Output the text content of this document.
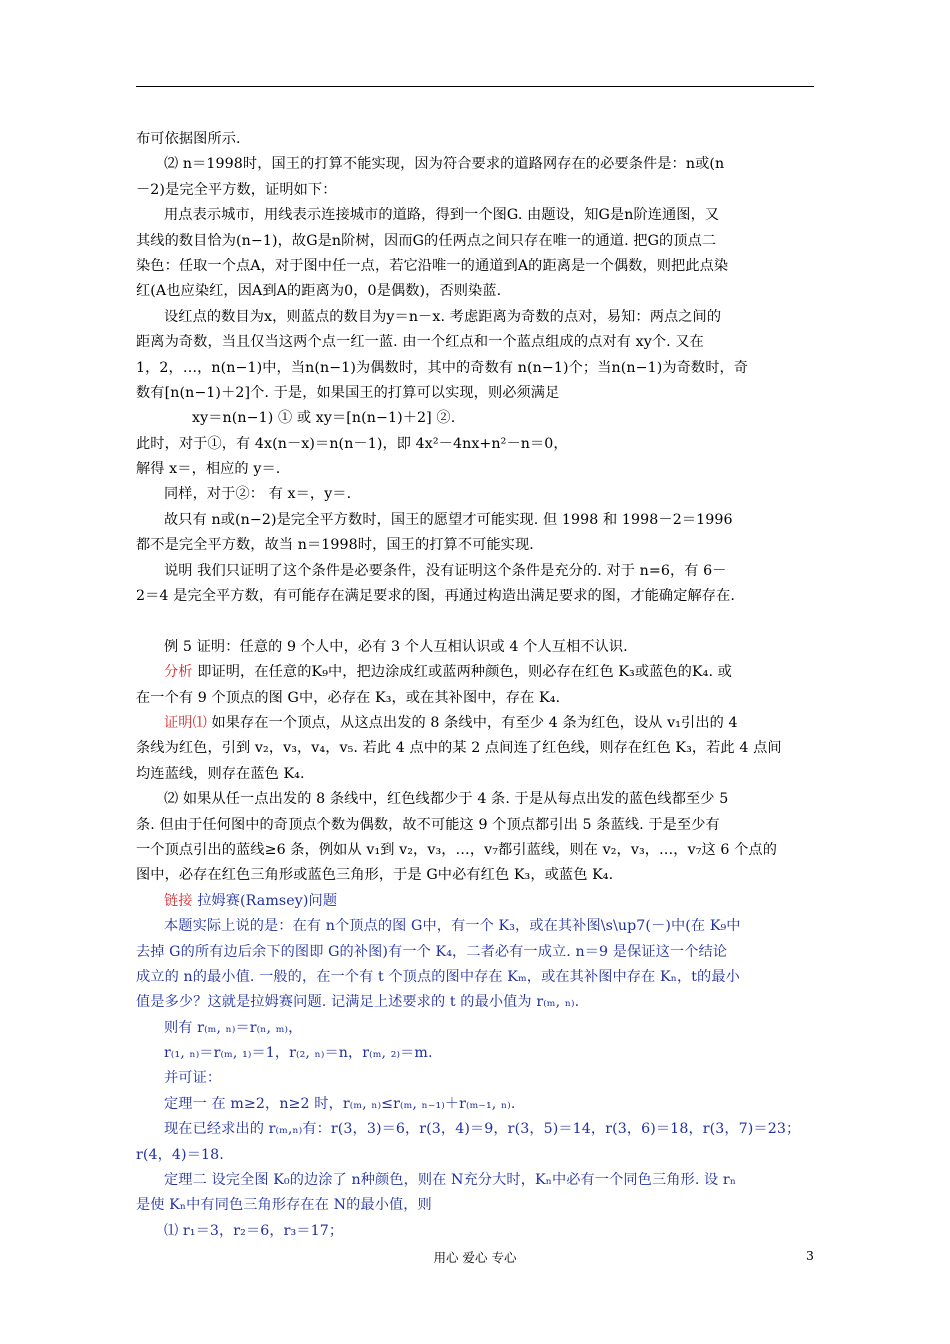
布可依据图所示.
⑵ n＝1998时，国王的打算不能实现，因为符合要求的道路网存在的必要条件是：n或(n
－2)是完全平方数，证明如下：
用点表示城市，用线表示连接城市的道路，得到一个图G. 由题设，知G是n阶连通图，又
其线的数目恰为(n−1)，故G是n阶树，因而G的任两点之间只存在唯一的通道. 把G的顶点二
染色：任取一个点A，对于图中任一点，若它沿唯一的通道到A的距离是一个偶数，则把此点染
红(A也应染红，因A到A的距离为0，0是偶数)，否则染蓝.
设红点的数目为x，则蓝点的数目为y＝n－x. 考虑距离为奇数的点对，易知：两点之间的
距离为奇数，当且仅当这两个点一红一蓝. 由一个红点和一个蓝点组成的点对有 xy个. 又在
1，2，…，n(n−1)中，当n(n−1)为偶数时，其中的奇数有 n(n−1)个；当n(n−1)为奇数时，奇
数有[n(n−1)＋2]个. 于是，如果国王的打算可以实现，则必须满足
xy＝n(n−1) ① 或 xy＝[n(n−1)＋2] ②.
此时，对于①，有 4x(n－x)＝n(n－1)，即 4x²－4nx+n²－n＝0，
解得 x＝，相应的 y＝.
同样，对于②： 有 x＝，y＝.
故只有 n或(n−2)是完全平方数时，国王的愿望才可能实现. 但 1998 和 1998－2＝1996
都不是完全平方数，故当 n＝1998时，国王的打算不可能实现.
说明 我们只证明了这个条件是必要条件，没有证明这个条件是充分的. 对于 n=6，有 6－
2＝4 是完全平方数，有可能存在满足要求的图，再通过构造出满足要求的图，才能确定解存在.
例 5 证明：任意的 9 个人中，必有 3 个人互相认识或 4 个人互相不认识.
分析 即证明，在任意的K₉中，把边涂成红或蓝两种颜色，则必存在红色 K₃或蓝色的K₄. 或
在一个有 9 个顶点的图 G中，必存在 K₃，或在其补图中，存在 K₄.
证明⑴ 如果存在一个顶点，从这点出发的 8 条线中，有至少 4 条为红色，设从 v₁引出的 4
条线为红色，引到 v₂，v₃，v₄，v₅. 若此 4 点中的某 2 点间连了红色线，则存在红色 K₃，若此 4 点间
均连蓝线，则存在蓝色 K₄.
⑵ 如果从任一点出发的 8 条线中，红色线都少于 4 条. 于是从每点出发的蓝色线都至少 5
条. 但由于任何图中的奇顶点个数为偶数，故不可能这 9 个顶点都引出 5 条蓝线. 于是至少有
一个顶点引出的蓝线≥6 条，例如从 v₁到 v₂，v₃，…，v₇都引蓝线，则在 v₂，v₃，…，v₇这 6 个点的
图中，必存在红色三角形或蓝色三角形，于是 G中必有红色 K₃，或蓝色 K₄.
链接 拉姆赛(Ramsey)问题
本题实际上说的是：在有 n个顶点的图 G中，有一个 K₃，或在其补图\s\up7(－)中(在 K₉中
去掉 G的所有边后余下的图即 G的补图)有一个 K₄，二者必有一成立. n＝9 是保证这一个结论
成立的 n的最小值. 一般的，在一个有 t 个顶点的图中存在 Kₘ，或在其补图中存在 Kₙ，t的最小
值是多少？这就是拉姆赛问题. 记满足上述要求的 t 的最小值为 r₍ₘ, ₙ₎.
则有 r₍ₘ, ₙ₎＝r₍ₙ, ₘ₎，
r₍₁, ₙ₎＝r₍ₘ, ₁₎＝1，r₍₂, ₙ₎＝n，r₍ₘ, ₂₎＝m.
并可证：
定理一 在 m≥2，n≥2 时，r₍ₘ, ₙ₎≤r₍ₘ, ₙ₋₁₎＋r₍ₘ₋₁, ₙ₎.
现在已经求出的 r₍ₘ,ₙ₎有：r(3，3)＝6，r(3，4)＝9，r(3，5)＝14，r(3，6)＝18，r(3，7)＝23；
r(4，4)＝18.
定理二 设完全图 K₀的边涂了 n种颜色，则在 N充分大时，Kₙ中必有一个同色三角形. 设 rₙ
是使 Kₙ中有同色三角形存在在 N的最小值，则
⑴ r₁＝3，r₂＝6，r₃＝17；
用心 爱心 专心	3
